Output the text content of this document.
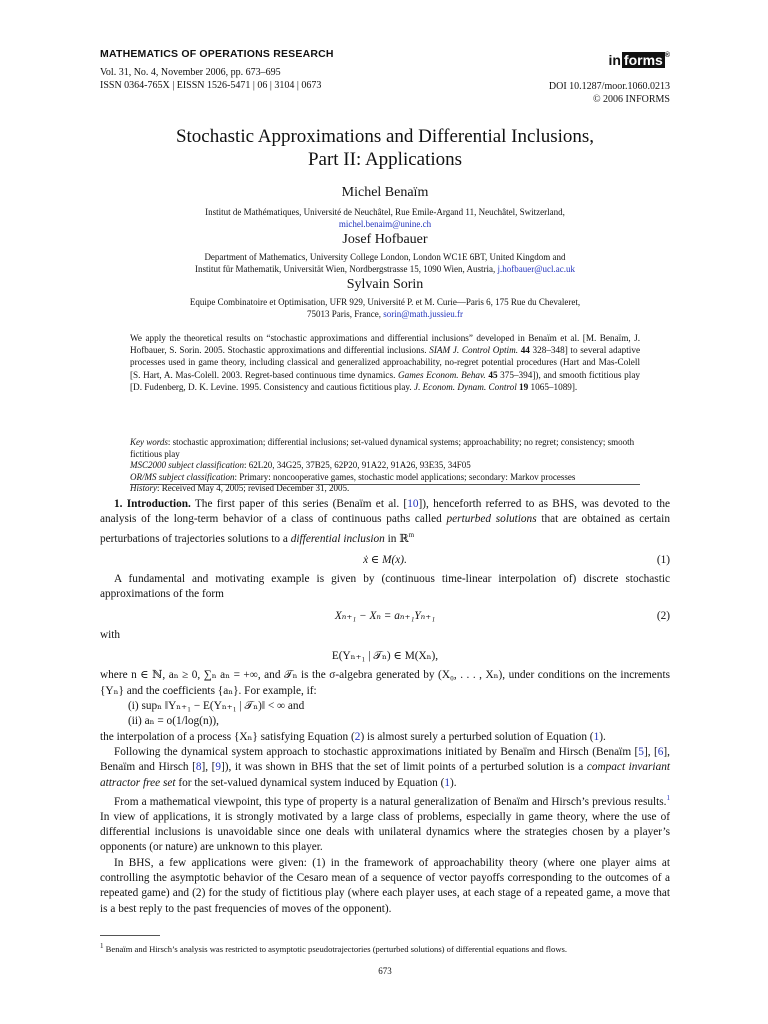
MATHEMATICS OF OPERATIONS RESEARCH
Vol. 31, No. 4, November 2006, pp. 673–695
ISSN 0364-765X | EISSN 1526-5471 | 06 | 3104 | 0673
in forms ®
DOI 10.1287/moor.1060.0213
© 2006 INFORMS
Stochastic Approximations and Differential Inclusions,
Part II: Applications
Michel Benaïm
Institut de Mathématiques, Université de Neuchâtel, Rue Emile-Argand 11, Neuchâtel, Switzerland,
michel.benaim@unine.ch
Josef Hofbauer
Department of Mathematics, University College London, London WC1E 6BT, United Kingdom and
Institut für Mathematik, Universität Wien, Nordbergstrasse 15, 1090 Wien, Austria, j.hofbauer@ucl.ac.uk
Sylvain Sorin
Equipe Combinatoire et Optimisation, UFR 929, Université P. et M. Curie—Paris 6, 175 Rue du Chevaleret,
75013 Paris, France, sorin@math.jussieu.fr
We apply the theoretical results on “stochastic approximations and differential inclusions” developed in Benaïm et al. [M. Benaïm, J. Hofbauer, S. Sorin. 2005. Stochastic approximations and differential inclusions. SIAM J. Control Optim. 44 328–348] to several adaptive processes used in game theory, including classical and generalized approachability, no-regret potential procedures (Hart and Mas-Colell [S. Hart, A. Mas-Colell. 2003. Regret-based continuous time dynamics. Games Econom. Behav. 45 375–394]), and smooth fictitious play [D. Fudenberg, D. K. Levine. 1995. Consistency and cautious fictitious play. J. Econom. Dynam. Control 19 1065–1089].
Key words: stochastic approximation; differential inclusions; set-valued dynamical systems; approachability; no regret; consistency; smooth fictitious play
MSC2000 subject classification: 62L20, 34G25, 37B25, 62P20, 91A22, 91A26, 93E35, 34F05
OR/MS subject classification: Primary: noncooperative games, stochastic model applications; secondary: Markov processes
History: Received May 4, 2005; revised December 31, 2005.

1. Introduction. The first paper of this series (Benaïm et al. [10]), henceforth referred to as BHS, was devoted to the analysis of the long-term behavior of a class of continuous paths called perturbed solutions that are obtained as certain perturbations of trajectories solutions to a differential inclusion in ℝ$^m$

ẋ ∈ M(x).	(1)

A fundamental and motivating example is given by (continuous time-linear interpolation of) discrete stochastic approximations of the form

Xₙ₊₁ − Xₙ = aₙ₊₁Yₙ₊₁	(2)

with

E(Yₙ₊₁ | 𝒯ₙ) ∈ M(Xₙ),

where n ∈ ℕ, aₙ ≥ 0, ∑ₙ aₙ = +∞, and 𝒯ₙ is the σ-algebra generated by (X₀, . . . , Xₙ), under conditions on the increments {Yₙ} and the coefficients {aₙ}. For example, if:

(i) supₙ ‖Yₙ₊₁ − E(Yₙ₊₁ | 𝒯ₙ)‖ < ∞ and

(ii) aₙ = o(1/log(n)),

the interpolation of a process {Xₙ} satisfying Equation (2) is almost surely a perturbed solution of Equation (1).

Following the dynamical system approach to stochastic approximations initiated by Benaïm and Hirsch (Benaïm [5], [6], Benaïm and Hirsch [8], [9]), it was shown in BHS that the set of limit points of a perturbed solution is a compact invariant attractor free set for the set-valued dynamical system induced by Equation (1).

From a mathematical viewpoint, this type of property is a natural generalization of Benaïm and Hirsch’s previous results.$^1$ In view of applications, it is strongly motivated by a large class of problems, especially in game theory, where the use of differential inclusions is unavoidable since one deals with unilateral dynamics where the strategies chosen by a player’s opponents (or nature) are unknown to this player.

In BHS, a few applications were given: (1) in the framework of approachability theory (where one player aims at controlling the asymptotic behavior of the Cesaro mean of a sequence of vector payoffs corresponding to the outcomes of a repeated game) and (2) for the study of fictitious play (where each player uses, at each stage of a repeated game, a move that is a best reply to the past frequencies of moves of the opponent).

$^1$ Benaïm and Hirsch’s analysis was restricted to asymptotic pseudotrajectories (perturbed solutions) of differential equations and flows.
673
